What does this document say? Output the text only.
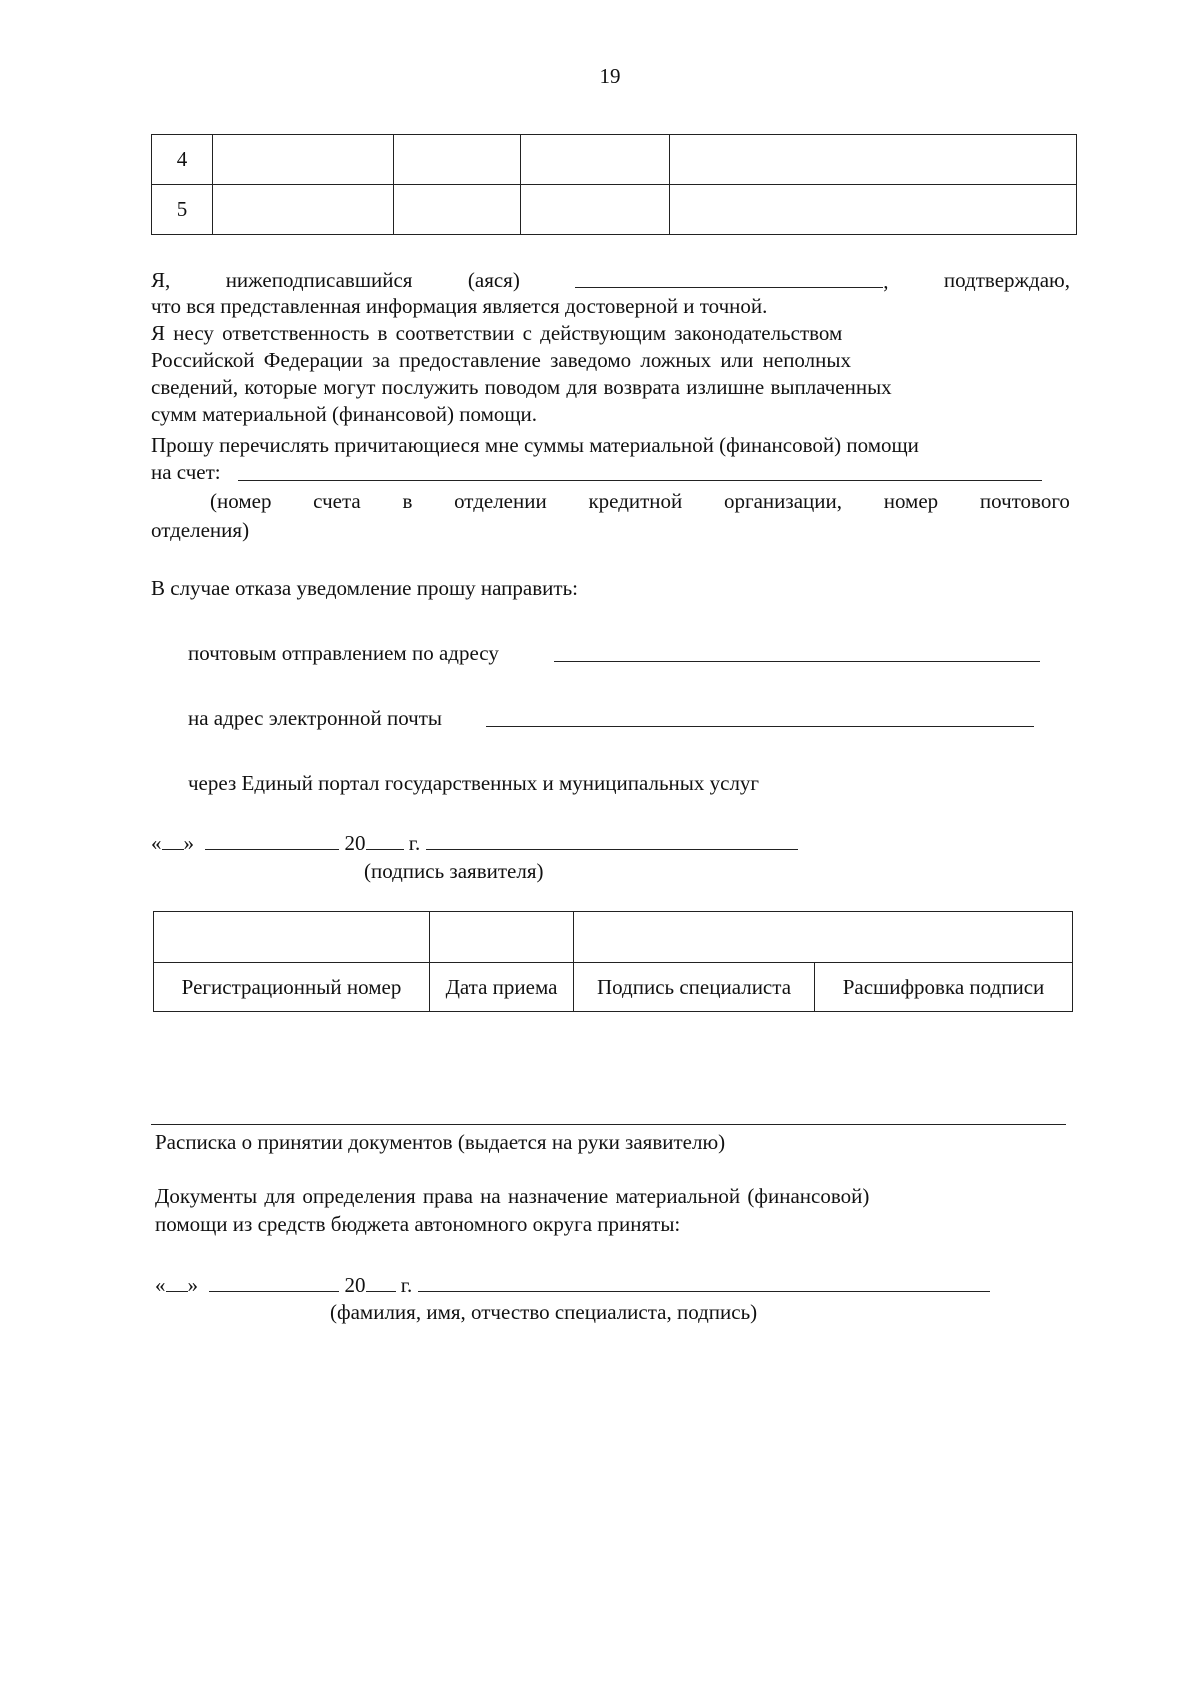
19
4				
5				
Я,	нижеподписавшийся	(аяся)	,	подтверждаю,
что вся представленная информация является достоверной и точной.
Я несу ответственность в соответствии с действующим законодательством
Российской Федерации за предоставление заведомо ложных или неполных
сведений, которые могут послужить поводом для возврата излишне выплаченных
сумм материальной (финансовой) помощи.
Прошу перечислять причитающиеся мне суммы материальной (финансовой) помощи
на счет:
(номер счета в отделении кредитной организации, номер почтового
отделения)
В случае отказа уведомление прошу направить:
почтовым отправлением по адресу
на адрес электронной почты
через Единый портал государственных и муниципальных услуг
« »	20 г.
(подпись заявителя)

Регистрационный номер	Дата приема	Подпись специалиста	Расшифровка подписи
Расписка о принятии документов (выдается на руки заявителю)
Документы для определения права на назначение материальной (финансовой)
помощи из средств бюджета автономного округа приняты:
« »	20 г.
(фамилия, имя, отчество специалиста, подпись)
